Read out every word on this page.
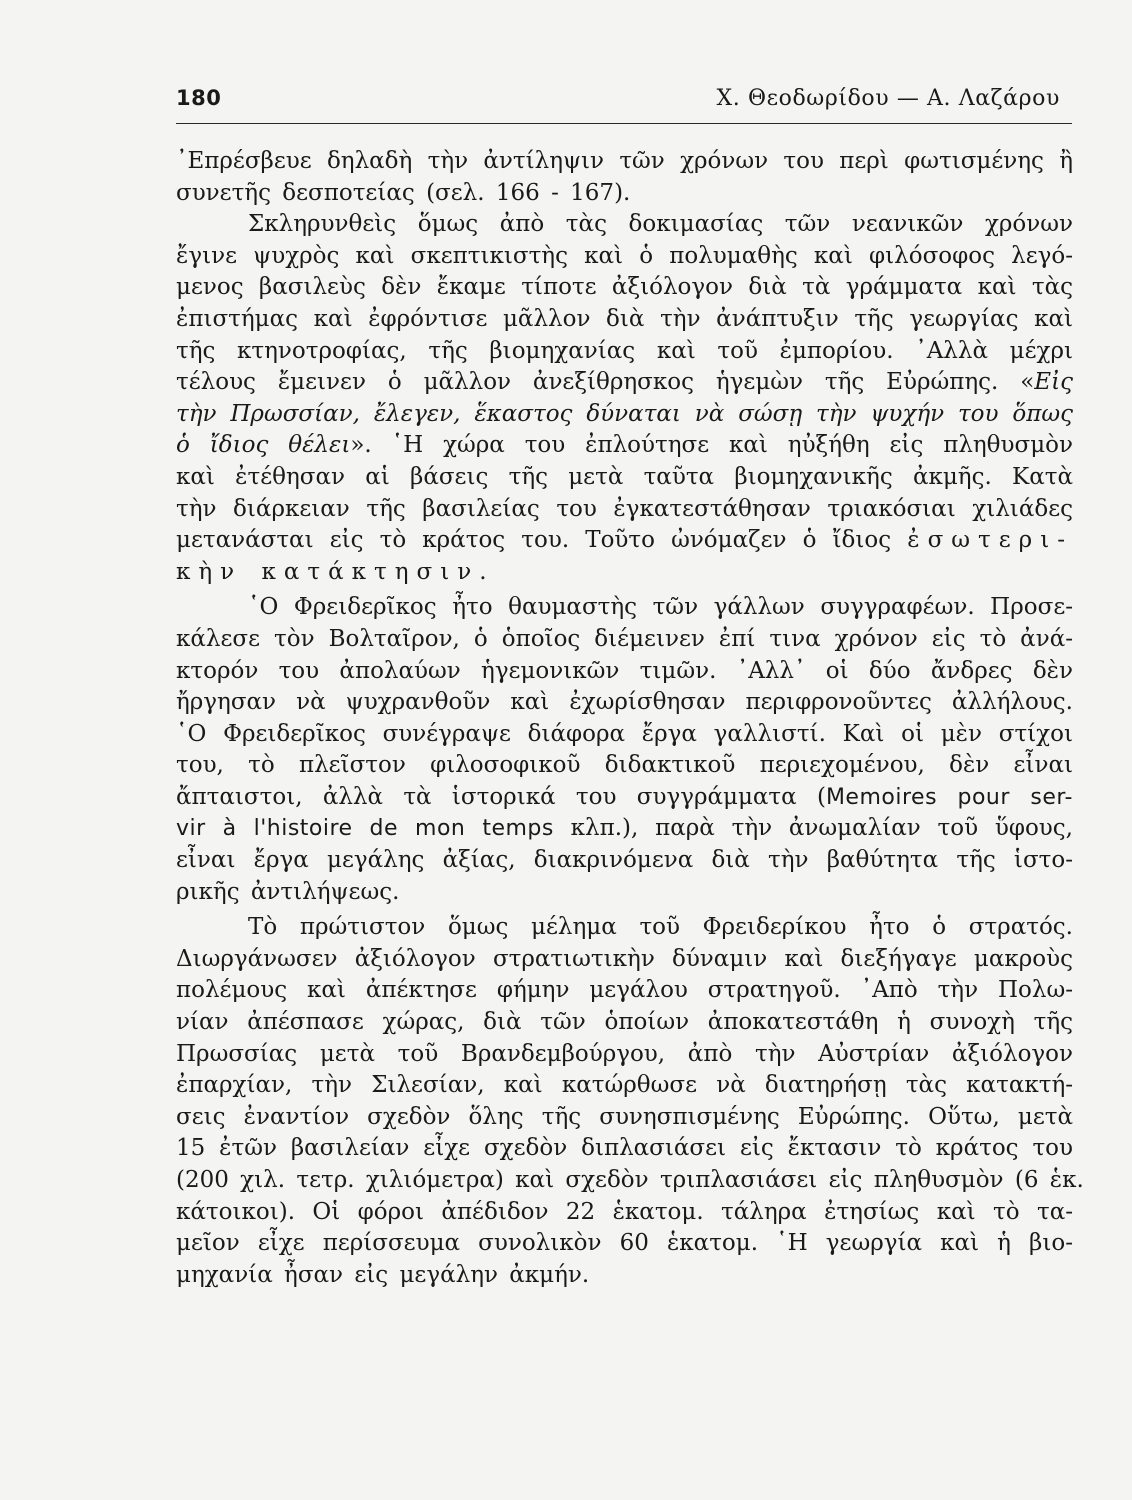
180	Χ. Θεοδωρίδου — Α. Λαζάρου
᾿Επρέσβευε δηλαδὴ τὴν ἀντίληψιν τῶν χρόνων του περὶ φωτισμένης ἢ
συνετῆς δεσποτείας (σελ. 166 - 167).
Σκληρυνθεὶς ὅμως ἀπὸ τὰς δοκιμασίας τῶν νεανικῶν χρόνων
ἔγινε ψυχρὸς καὶ σκεπτικιστὴς καὶ ὁ πολυμαθὴς καὶ φιλόσοφος λεγό-
μενος βασιλεὺς δὲν ἔκαμε τίποτε ἀξιόλογον διὰ τὰ γράμματα καὶ τὰς
ἐπιστήμας καὶ ἐφρόντισε μᾶλλον διὰ τὴν ἀνάπτυξιν τῆς γεωργίας καὶ
τῆς κτηνοτροφίας, τῆς βιομηχανίας καὶ τοῦ ἐμπορίου. ᾿Αλλὰ μέχρι
τέλους ἔμεινεν ὁ μᾶλλον ἀνεξίθρησκος ἡγεμὼν τῆς Εὐρώπης. «Εἰς
τὴν Πρωσσίαν, ἔλεγεν, ἕκαστος δύναται νὰ σώσῃ τὴν ψυχήν του ὅπως
ὁ ἴδιος θέλει». ῾Η χώρα του ἐπλούτησε καὶ ηὐξήθη εἰς πληθυσμὸν
καὶ ἐτέθησαν αἱ βάσεις τῆς μετὰ ταῦτα βιομηχανικῆς ἀκμῆς. Κατὰ
τὴν διάρκειαν τῆς βασιλείας του ἐγκατεστάθησαν τριακόσιαι χιλιάδες
μετανάσται εἰς τὸ κράτος του. Τοῦτο ὠνόμαζεν ὁ ἴδιος ἐσωτερι-
κὴν κατάκτησιν.
῾Ο Φρειδερῖκος ἦτο θαυμαστὴς τῶν γάλλων συγγραφέων. Προσε-
κάλεσε τὸν Βολταῖρον, ὁ ὁποῖος διέμεινεν ἐπί τινα χρόνον εἰς τὸ ἀνά-
κτορόν του ἀπολαύων ἡγεμονικῶν τιμῶν. ᾿Αλλ᾿ οἱ δύο ἄνδρες δὲν
ἤργησαν νὰ ψυχρανθοῦν καὶ ἐχωρίσθησαν περιφρονοῦντες ἀλλήλους.
῾Ο Φρειδερῖκος συνέγραψε διάφορα ἔργα γαλλιστί. Καὶ οἱ μὲν στίχοι
του, τὸ πλεῖστον φιλοσοφικοῦ διδακτικοῦ περιεχομένου, δὲν εἶναι
ἄπταιστοι, ἀλλὰ τὰ ἱστορικά του συγγράμματα (Memoires pour ser-
vir à l'histoire de mon temps κλπ.), παρὰ τὴν ἀνωμαλίαν τοῦ ὕφους,
εἶναι ἔργα μεγάλης ἀξίας, διακρινόμενα διὰ τὴν βαθύτητα τῆς ἱστο-
ρικῆς ἀντιλήψεως.
Τὸ πρώτιστον ὅμως μέλημα τοῦ Φρειδερίκου ἦτο ὁ στρατός.
Διωργάνωσεν ἀξιόλογον στρατιωτικὴν δύναμιν καὶ διεξήγαγε μακροὺς
πολέμους καὶ ἀπέκτησε φήμην μεγάλου στρατηγοῦ. ᾿Απὸ τὴν Πολω-
νίαν ἀπέσπασε χώρας, διὰ τῶν ὁποίων ἀποκατεστάθη ἡ συνοχὴ τῆς
Πρωσσίας μετὰ τοῦ Βρανδεμβούργου, ἀπὸ τὴν Αὐστρίαν ἀξιόλογον
ἐπαρχίαν, τὴν Σιλεσίαν, καὶ κατώρθωσε νὰ διατηρήσῃ τὰς κατακτή-
σεις ἐναντίον σχεδὸν ὅλης τῆς συνησπισμένης Εὐρώπης. Οὕτω, μετὰ
15 ἐτῶν βασιλείαν εἶχε σχεδὸν διπλασιάσει εἰς ἔκτασιν τὸ κράτος του
(200 χιλ. τετρ. χιλιόμετρα) καὶ σχεδὸν τριπλασιάσει εἰς πληθυσμὸν (6 ἑκ.
κάτοικοι). Οἱ φόροι ἀπέδιδον 22 ἑκατομ. τάληρα ἐτησίως καὶ τὸ τα-
μεῖον εἶχε περίσσευμα συνολικὸν 60 ἑκατομ. ῾Η γεωργία καὶ ἡ βιο-
μηχανία ἦσαν εἰς μεγάλην ἀκμήν.
